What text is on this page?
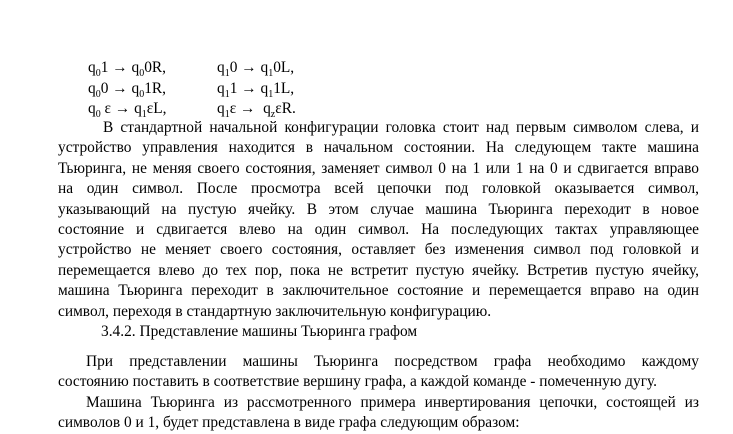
$q_01 \to q_00R$,	$q_10 \to q_10L$,
$q_00 \to q_01R$,	$q_11 \to q_11L$,
$q_0$ $\varepsilon \to q_1\varepsilon L$,	$q_1\varepsilon \to q_z\varepsilon R$.
В стандартной начальной конфигурации головка стоит над первым символом слева, и
устройство управления находится в начальном состоянии. На следующем такте машина
Тьюринга, не меняя своего состояния, заменяет символ 0 на 1 или 1 на 0 и сдвигается вправо
на один символ. После просмотра всей цепочки под головкой оказывается символ,
указывающий на пустую ячейку. В этом случае машина Тьюринга переходит в новое
состояние и сдвигается влево на один символ. На последующих тактах управляющее
устройство не меняет своего состояния, оставляет без изменения символ под головкой и
перемещается влево до тех пор, пока не встретит пустую ячейку. Встретив пустую ячейку,
машина Тьюринга переходит в заключительное состояние и перемещается вправо на один
символ, переходя в стандартную заключительную конфигурацию.
3.4.2. Представление машины Тьюринга графом
При представлении машины Тьюринга посредством графа необходимо каждому
состоянию поставить в соответствие вершину графа, а каждой команде - помеченную дугу.
Машина Тьюринга из рассмотренного примера инвертирования цепочки, состоящей из
символов 0 и 1, будет представлена в виде графа следующим образом:
